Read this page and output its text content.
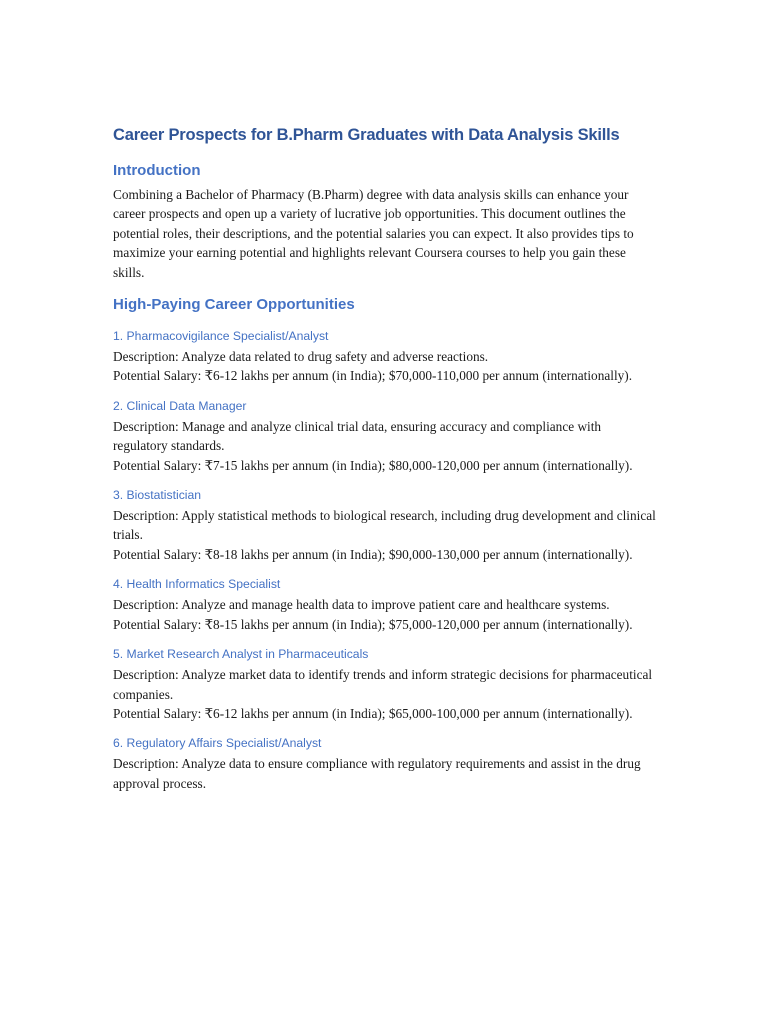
Career Prospects for B.Pharm Graduates with Data Analysis Skills
Introduction

Combining a Bachelor of Pharmacy (B.Pharm) degree with data analysis skills can enhance your career prospects and open up a variety of lucrative job opportunities. This document outlines the potential roles, their descriptions, and the potential salaries you can expect. It also provides tips to maximize your earning potential and highlights relevant Coursera courses to help you gain these skills.

High-Paying Career Opportunities
1. Pharmacovigilance Specialist/Analyst

Description: Analyze data related to drug safety and adverse reactions.

Potential Salary: ₹6-12 lakhs per annum (in India); $70,000-110,000 per annum (internationally).

2. Clinical Data Manager

Description: Manage and analyze clinical trial data, ensuring accuracy and compliance with regulatory standards.

Potential Salary: ₹7-15 lakhs per annum (in India); $80,000-120,000 per annum (internationally).

3. Biostatistician

Description: Apply statistical methods to biological research, including drug development and clinical trials.

Potential Salary: ₹8-18 lakhs per annum (in India); $90,000-130,000 per annum (internationally).

4. Health Informatics Specialist

Description: Analyze and manage health data to improve patient care and healthcare systems.

Potential Salary: ₹8-15 lakhs per annum (in India); $75,000-120,000 per annum (internationally).

5. Market Research Analyst in Pharmaceuticals

Description: Analyze market data to identify trends and inform strategic decisions for pharmaceutical companies.

Potential Salary: ₹6-12 lakhs per annum (in India); $65,000-100,000 per annum (internationally).

6. Regulatory Affairs Specialist/Analyst

Description: Analyze data to ensure compliance with regulatory requirements and assist in the drug approval process.
